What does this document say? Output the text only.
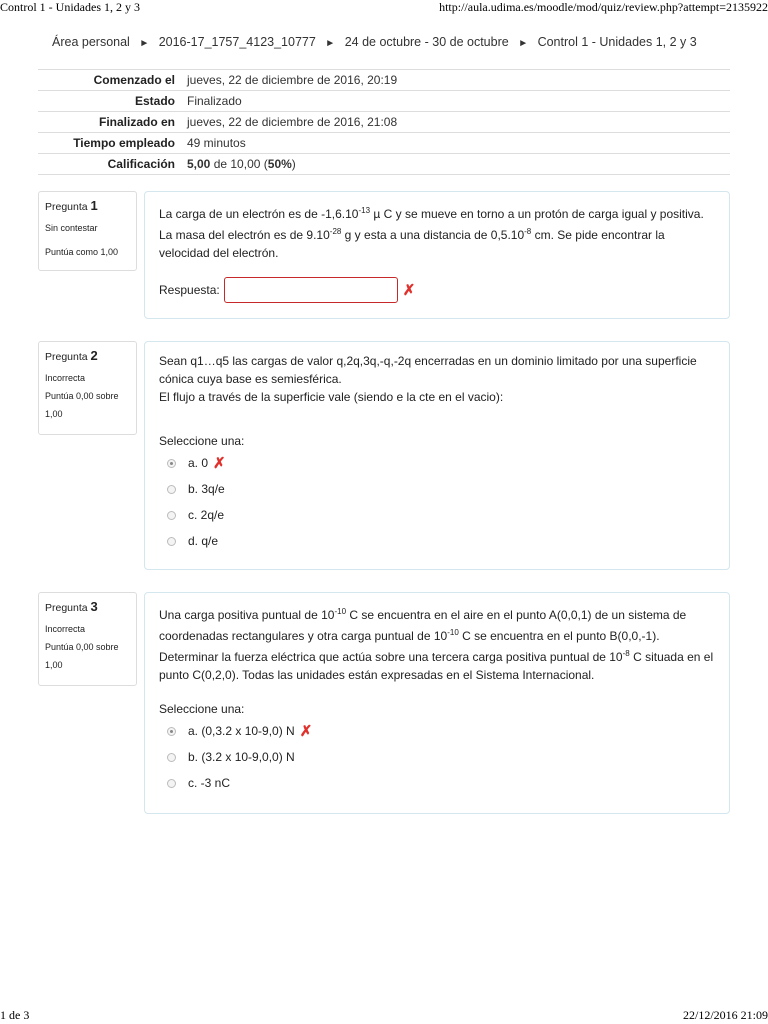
Control 1 - Unidades 1, 2 y 3	http://aula.udima.es/moodle/mod/quiz/review.php?attempt=2135922
Área personal ► 2016-17_1757_4123_10777 ► 24 de octubre - 30 de octubre ► Control 1 - Unidades 1, 2 y 3
Comenzado el	jueves, 22 de diciembre de 2016, 20:19
Estado	Finalizado
Finalizado en	jueves, 22 de diciembre de 2016, 21:08
Tiempo empleado	49 minutos
Calificación	5,00 de 10,00 (50%)
Pregunta 1
Sin contestar
Puntúa como 1,00
La carga de un electrón es de $-1,6.10^{-13}$ µ C y se mueve en torno a un protón de carga igual y positiva. La masa del electrón es de $9.10^{-28}$ g y esta a una distancia de $0,5.10^{-8}$ cm. Se pide encontrar la velocidad del electrón.
Respuesta:	✗
Pregunta 2
Incorrecta
Puntúa 0,00 sobre 1,00
Sean q1…q5 las cargas de valor q,2q,3q,-q,-2q encerradas en un dominio limitado por una superficie cónica cuya base es semiesférica.
El flujo a través de la superficie vale (siendo e la cte en el vacio):
Seleccione una:
a. 0 ✗
b. 3q/e
c. 2q/e
d. q/e
Pregunta 3
Incorrecta
Puntúa 0,00 sobre 1,00
Una carga positiva puntual de $10^{-10}$ C se encuentra en el aire en el punto A(0,0,1) de un sistema de coordenadas rectangulares y otra carga puntual de $10^{-10}$ C se encuentra en el punto B(0,0,-1). Determinar la fuerza eléctrica que actúa sobre una tercera carga positiva puntual de $10^{-8}$ C situada en el punto C(0,2,0). Todas las unidades están expresadas en el Sistema Internacional.
Seleccione una:
a. (0,3.2 x 10-9,0) N ✗
b. (3.2 x 10-9,0,0) N
c. -3 nC
1 de 3	22/12/2016 21:09
